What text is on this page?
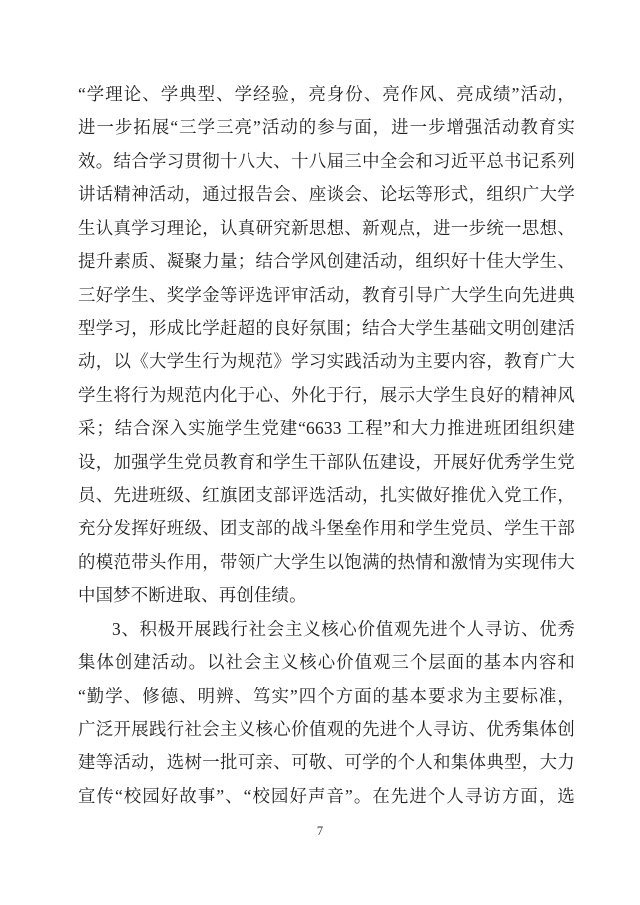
“学理论、学典型、学经验，亮身份、亮作风、亮成绩”活动，
进一步拓展“三学三亮”活动的参与面，进一步增强活动教育实
效。结合学习贯彻十八大、十八届三中全会和习近平总书记系列
讲话精神活动，通过报告会、座谈会、论坛等形式，组织广大学
生认真学习理论，认真研究新思想、新观点，进一步统一思想、
提升素质、凝聚力量；结合学风创建活动，组织好十佳大学生、
三好学生、奖学金等评选评审活动，教育引导广大学生向先进典
型学习，形成比学赶超的良好氛围；结合大学生基础文明创建活
动，以《大学生行为规范》学习实践活动为主要内容，教育广大
学生将行为规范内化于心、外化于行，展示大学生良好的精神风
采；结合深入实施学生党建“6633 工程”和大力推进班团组织建
设，加强学生党员教育和学生干部队伍建设，开展好优秀学生党
员、先进班级、红旗团支部评选活动，扎实做好推优入党工作，
充分发挥好班级、团支部的战斗堡垒作用和学生党员、学生干部
的模范带头作用，带领广大学生以饱满的热情和激情为实现伟大
中国梦不断进取、再创佳绩。
3、积极开展践行社会主义核心价值观先进个人寻访、优秀
集体创建活动。以社会主义核心价值观三个层面的基本内容和
“勤学、修德、明辨、笃实”四个方面的基本要求为主要标准，
广泛开展践行社会主义核心价值观的先进个人寻访、优秀集体创
建等活动，选树一批可亲、可敬、可学的个人和集体典型，大力
宣传“校园好故事”、“校园好声音”。在先进个人寻访方面，选
7
